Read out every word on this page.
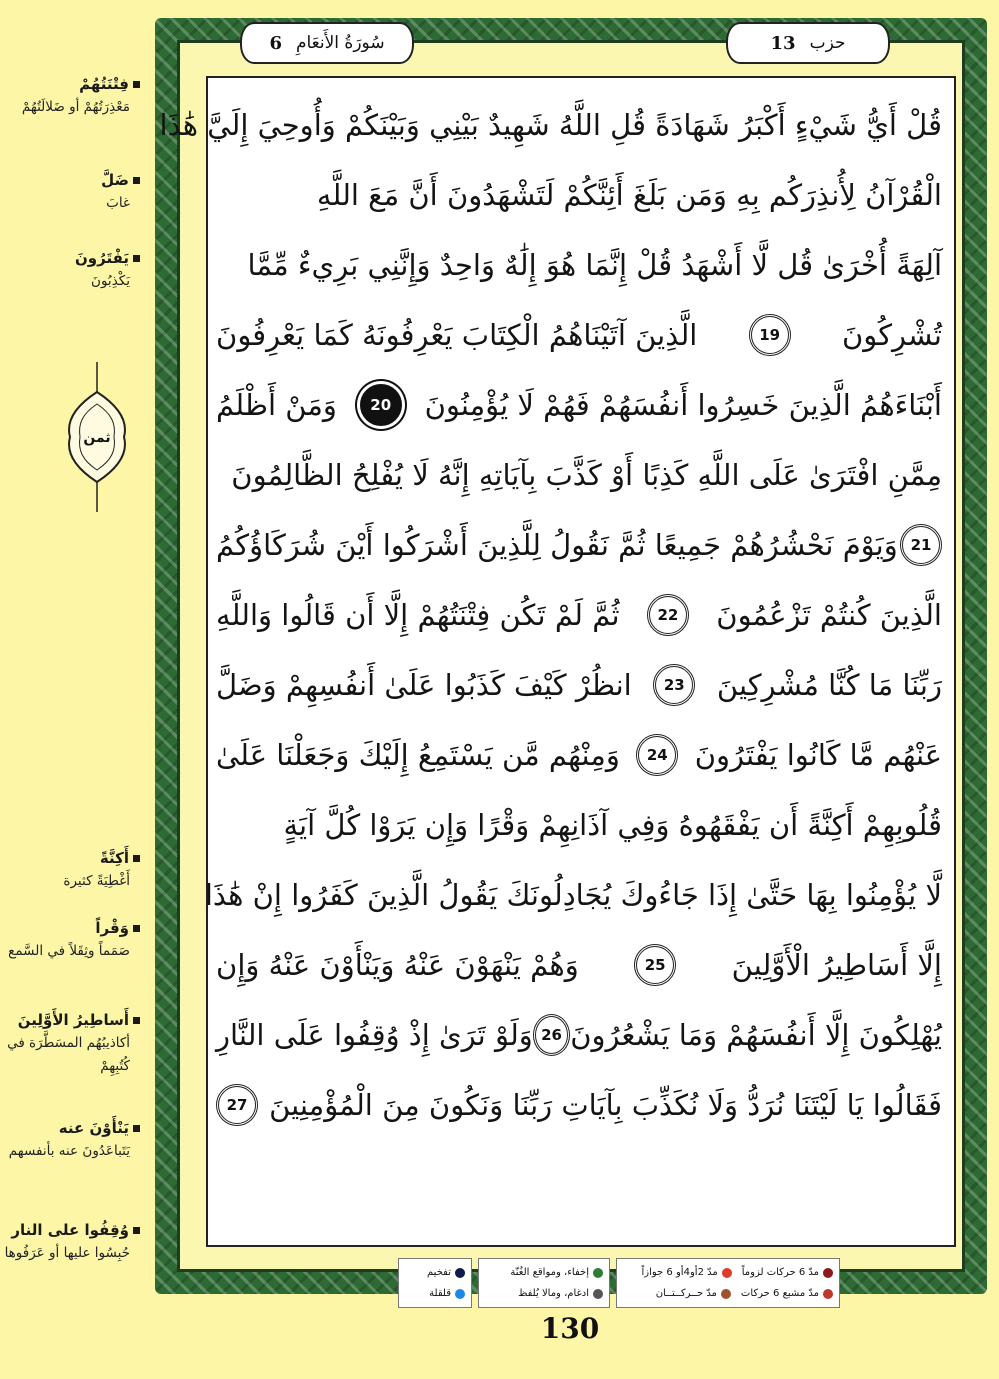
فِتْنَتُهُمْ
مَعْذِرَتُهُمْ أو ضَلالَتُهُمْ
ضَلَّ
غابَ
يَفْتَرُونَ
يَكْذِبُونَ
ثمن
أَكِنَّةً
أَغْطِيَةً كثيرة
وَقْراً
صَمَماً وثِقَلاً في السَّمع
أَساطِيرُ الأَوَّلِينَ
أكاذيبُهُم المسَطَّرَة في كُتُبِهِمْ
يَنْأَوْنَ عنه
يَتَباعَدُونَ عنه بأنفسهم
وُقِفُوا على النار
حُبِسُوا عليها أو عَرَفُوها
سُورَةُ الأَنعَامِ
6	حزب
13
قُلْ أَيُّ شَيْءٍ أَكْبَرُ شَهَادَةً قُلِ اللَّهُ شَهِيدٌ بَيْنِي وَبَيْنَكُمْ وَأُوحِيَ إِلَيَّ هَٰذَا
الْقُرْآنُ لِأُنذِرَكُم بِهِ وَمَن بَلَغَ أَئِنَّكُمْ لَتَشْهَدُونَ أَنَّ مَعَ اللَّهِ
آلِهَةً أُخْرَىٰ قُل لَّا أَشْهَدُ قُلْ إِنَّمَا هُوَ إِلَٰهٌ وَاحِدٌ وَإِنَّنِي بَرِيءٌ مِّمَّا
تُشْرِكُونَ
19
الَّذِينَ آتَيْنَاهُمُ الْكِتَابَ يَعْرِفُونَهُ كَمَا يَعْرِفُونَ
أَبْنَاءَهُمُ الَّذِينَ خَسِرُوا أَنفُسَهُمْ فَهُمْ لَا يُؤْمِنُونَ
20
وَمَنْ أَظْلَمُ
مِمَّنِ افْتَرَىٰ عَلَى اللَّهِ كَذِبًا أَوْ كَذَّبَ بِآيَاتِهِ إِنَّهُ لَا يُفْلِحُ الظَّالِمُونَ
21
وَيَوْمَ نَحْشُرُهُمْ جَمِيعًا ثُمَّ نَقُولُ لِلَّذِينَ أَشْرَكُوا أَيْنَ شُرَكَاؤُكُمُ
الَّذِينَ كُنتُمْ تَزْعُمُونَ
22
ثُمَّ لَمْ تَكُن فِتْنَتُهُمْ إِلَّا أَن قَالُوا وَاللَّهِ
رَبِّنَا مَا كُنَّا مُشْرِكِينَ
23
انظُرْ كَيْفَ كَذَبُوا عَلَىٰ أَنفُسِهِمْ وَضَلَّ
عَنْهُم مَّا كَانُوا يَفْتَرُونَ
24
وَمِنْهُم مَّن يَسْتَمِعُ إِلَيْكَ وَجَعَلْنَا عَلَىٰ
قُلُوبِهِمْ أَكِنَّةً أَن يَفْقَهُوهُ وَفِي آذَانِهِمْ وَقْرًا وَإِن يَرَوْا كُلَّ آيَةٍ
لَّا يُؤْمِنُوا بِهَا حَتَّىٰ إِذَا جَاءُوكَ يُجَادِلُونَكَ يَقُولُ الَّذِينَ كَفَرُوا إِنْ هَٰذَا
إِلَّا أَسَاطِيرُ الْأَوَّلِينَ
25
وَهُمْ يَنْهَوْنَ عَنْهُ وَيَنْأَوْنَ عَنْهُ وَإِن
يُهْلِكُونَ إِلَّا أَنفُسَهُمْ وَمَا يَشْعُرُونَ
26
وَلَوْ تَرَىٰ إِذْ وُقِفُوا عَلَى النَّارِ
فَقَالُوا يَا لَيْتَنَا نُرَدُّ وَلَا نُكَذِّبَ بِآيَاتِ رَبِّنَا وَنَكُونَ مِنَ الْمُؤْمِنِينَ
27
مدّ 6 حركات لزوماً
مدّ 2أو4أو 6 جوازاً
مدّ مشبع 6 حركات
مدّ حــركــتــان
إخفاء، ومواقع الغُنّة
ادغام، ومالا يُلفظ
تفخيم
قلقلة
130
